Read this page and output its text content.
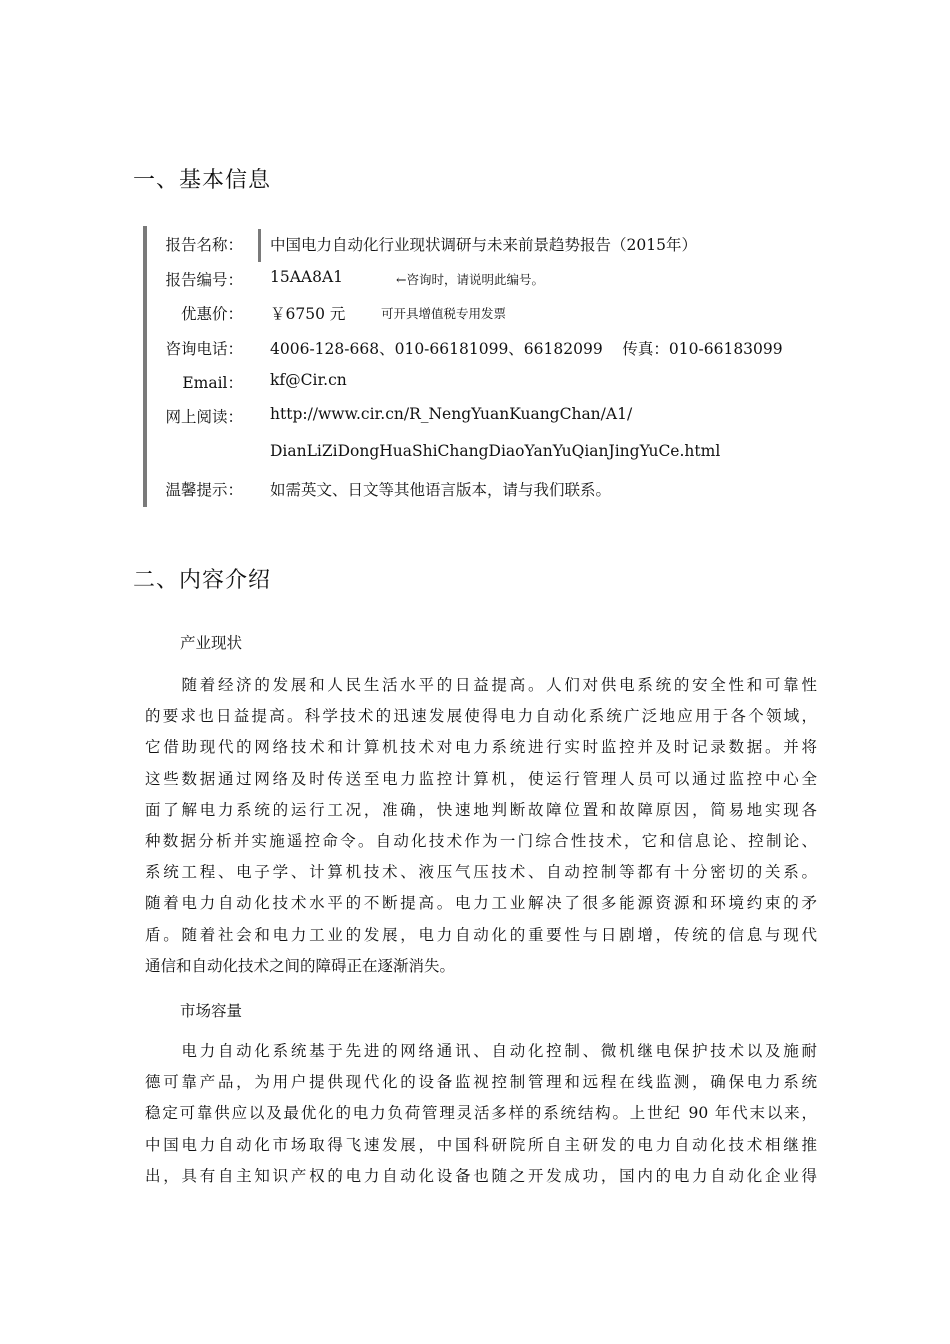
一、基本信息
报告名称： 中国电力自动化行业现状调研与未来前景趋势报告（2015年）
报告编号： 15AA8A1	←咨询时，请说明此编号。
优惠价： ￥6750 元	可开具增值税专用发票
咨询电话： 4006-128-668、010-66181099、66182099    传真：010-66183099
Email： kf@Cir.cn
网上阅读： http://www.cir.cn/R_NengYuanKuangChan/A1/
DianLiZiDongHuaShiChangDiaoYanYuQianJingYuCe.html
温馨提示： 如需英文、日文等其他语言版本，请与我们联系。
二、内容介绍
产业现状
　　随着经济的发展和人民生活水平的日益提高。人们对供电系统的安全性和可靠性
的要求也日益提高。科学技术的迅速发展使得电力自动化系统广泛地应用于各个领域，
它借助现代的网络技术和计算机技术对电力系统进行实时监控并及时记录数据。并将
这些数据通过网络及时传送至电力监控计算机，使运行管理人员可以通过监控中心全
面了解电力系统的运行工况，准确，快速地判断故障位置和故障原因，简易地实现各
种数据分析并实施遥控命令。自动化技术作为一门综合性技术，它和信息论、控制论、
系统工程、电子学、计算机技术、液压气压技术、自动控制等都有十分密切的关系。
随着电力自动化技术水平的不断提高。电力工业解决了很多能源资源和环境约束的矛
盾。随着社会和电力工业的发展，电力自动化的重要性与日剧增，传统的信息与现代
通信和自动化技术之间的障碍正在逐渐消失。
市场容量
　　电力自动化系统基于先进的网络通讯、自动化控制、微机继电保护技术以及施耐
德可靠产品，为用户提供现代化的设备监视控制管理和远程在线监测，确保电力系统
稳定可靠供应以及最优化的电力负荷管理灵活多样的系统结构。上世纪 90 年代末以来，
中国电力自动化市场取得飞速发展，中国科研院所自主研发的电力自动化技术相继推
出，具有自主知识产权的电力自动化设备也随之开发成功，国内的电力自动化企业得
